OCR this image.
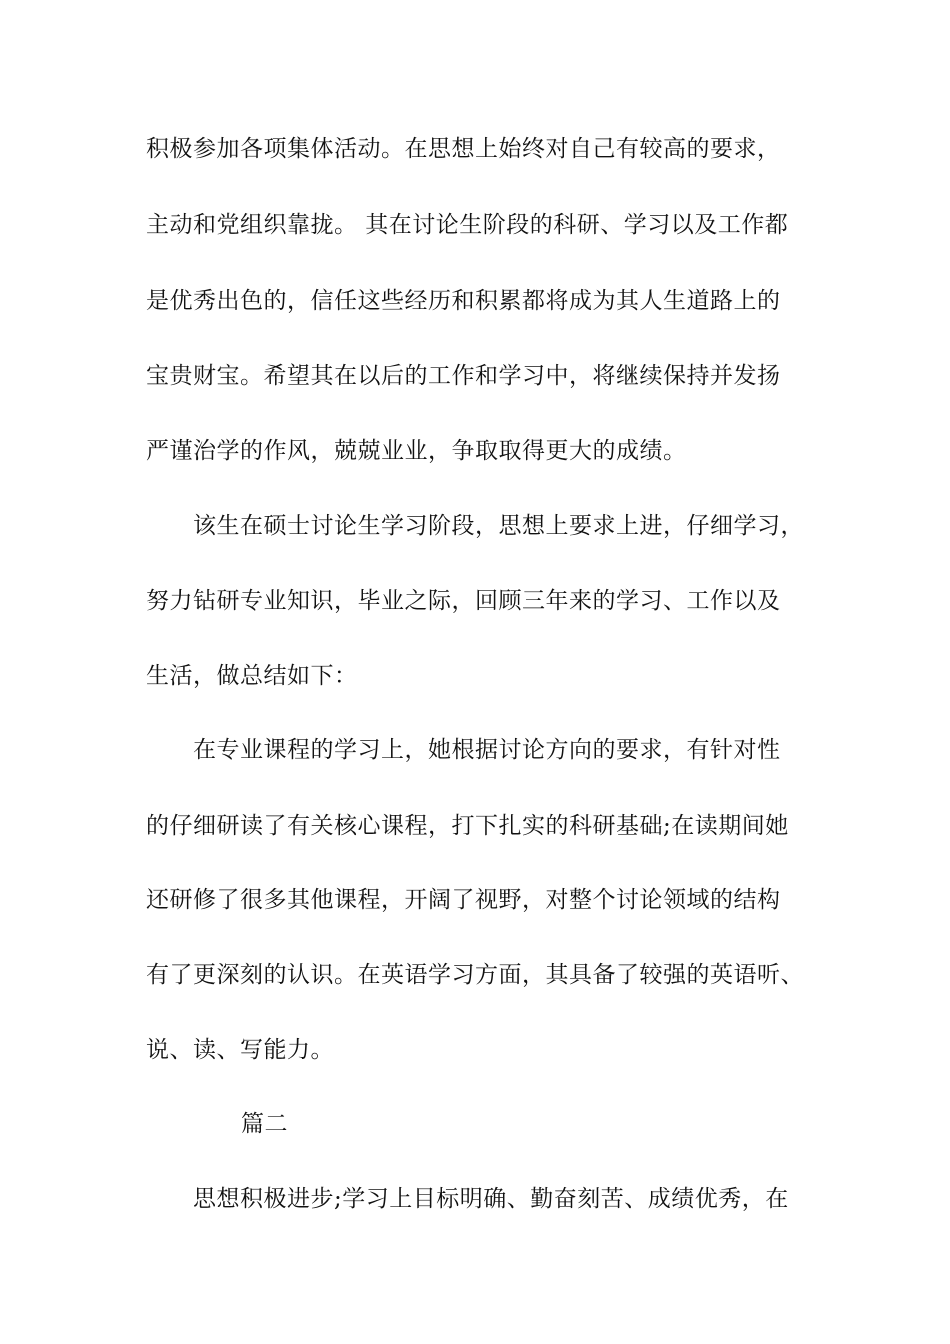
积极参加各项集体活动。在思想上始终对自己有较高的要求，
主动和党组织靠拢。 其在讨论生阶段的科研、学习以及工作都
是优秀出色的，信任这些经历和积累都将成为其人生道路上的
宝贵财宝。希望其在以后的工作和学习中，将继续保持并发扬
严谨治学的作风，兢兢业业，争取取得更大的成绩。
该生在硕士讨论生学习阶段，思想上要求上进，仔细学习，
努力钻研专业知识，毕业之际，回顾三年来的学习、工作以及
生活，做总结如下：
在专业课程的学习上，她根据讨论方向的要求，有针对性
的仔细研读了有关核心课程，打下扎实的科研基础;在读期间她
还研修了很多其他课程，开阔了视野，对整个讨论领域的结构
有了更深刻的认识。在英语学习方面，其具备了较强的英语听、
说、读、写能力。
篇二
思想积极进步;学习上目标明确、勤奋刻苦、成绩优秀，在
